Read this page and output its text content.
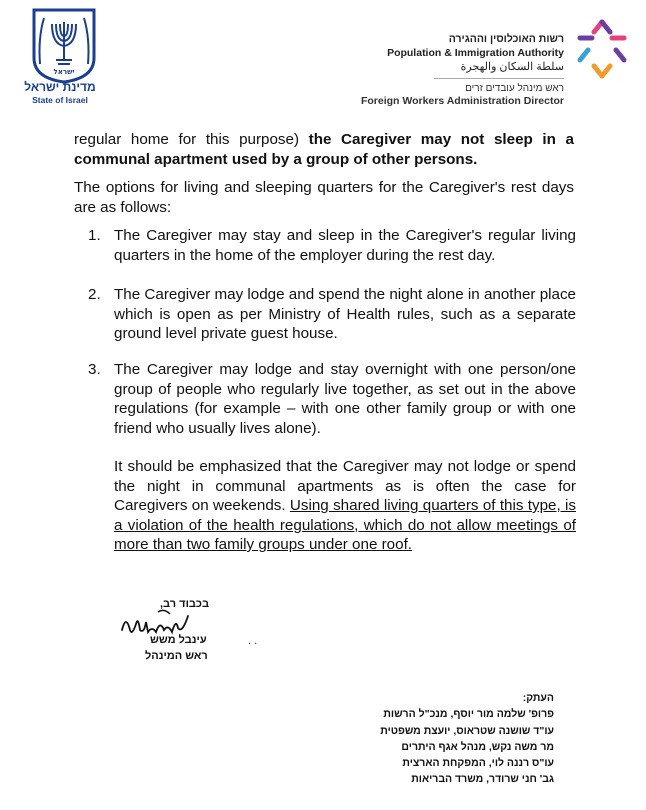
ישראל
מדינת ישראל
State of Israel
רשות האוכלוסין וההגירה
Population & Immigration Authority
سلطة السكان والهجرة
ראש מינהל עובדים זרים
Foreign Workers Administration Director
regular home for this purpose) the Caregiver may not sleep in a communal apartment used by a group of other persons.
The options for living and sleeping quarters for the Caregiver's rest days are as follows:
1. The Caregiver may stay and sleep in the Caregiver's regular living quarters in the home of the employer during the rest day.
2. The Caregiver may lodge and spend the night alone in another place which is open as per Ministry of Health rules, such as a separate ground level private guest house.
3. The Caregiver may lodge and stay overnight with one person/one group of people who regularly live together, as set out in the above regulations (for example – with one other family group or with one friend who usually lives alone).
It should be emphasized that the Caregiver may not lodge or spend the night in communal apartments as is often the case for Caregivers on weekends. Using shared living quarters of this type, is a violation of the health regulations, which do not allow meetings of more than two family groups under one roof.
בכבוד רב,
עינבל משש
ראש המינהל
. .
העתק:
פרופ' שלמה מור יוסף, מנכ"ל הרשות
עו"ד שושנה שטראוס, יועצת משפטית
מר משה נקש, מנהל אגף היתרים
עו"ס רננה לוי, המפקחת הארצית
גב' חני שרודר, משרד הבריאות
